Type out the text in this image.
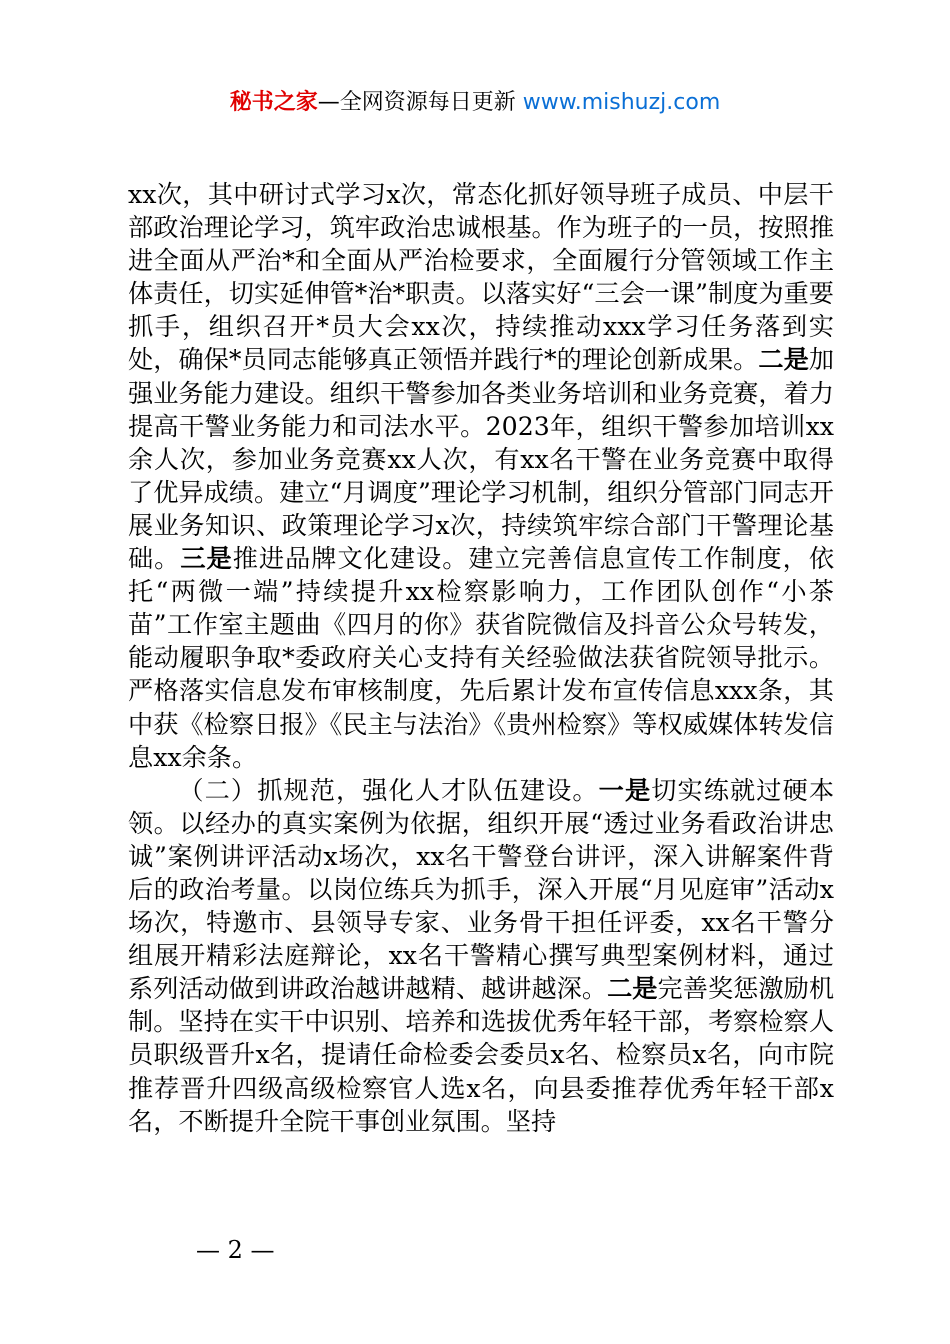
秘书之家—全网资源每日更新 www.mishuzj.com

xx次，其中研讨式学习x次，常态化抓好领导班子成员、中层干部政治理论学习，筑牢政治忠诚根基。作为班子的一员，按照推进全面从严治*和全面从严治检要求，全面履行分管领域工作主体责任，切实延伸管*治*职责。以落实好“三会一课”制度为重要抓手，组织召开*员大会xx次，持续推动xxx学习任务落到实处，确保*员同志能够真正领悟并践行*的理论创新成果。二是加强业务能力建设。组织干警参加各类业务培训和业务竞赛，着力提高干警业务能力和司法水平。2023年，组织干警参加培训xx余人次，参加业务竞赛xx人次，有xx名干警在业务竞赛中取得了优异成绩。建立“月调度”理论学习机制，组织分管部门同志开展业务知识、政策理论学习x次，持续筑牢综合部门干警理论基础。三是推进品牌文化建设。建立完善信息宣传工作制度，依托“两微一端”持续提升xx检察影响力，工作团队创作“小茶苗”工作室主题曲《四月的你》获省院微信及抖音公众号转发，能动履职争取*委政府关心支持有关经验做法获省院领导批示。严格落实信息发布审核制度，先后累计发布宣传信息xxx条，其中获《检察日报》《民主与法治》《贵州检察》等权威媒体转发信息xx余条。

（二）抓规范，强化人才队伍建设。一是切实练就过硬本领。以经办的真实案例为依据，组织开展“透过业务看政治讲忠诚”案例讲评活动x场次，xx名干警登台讲评，深入讲解案件背后的政治考量。以岗位练兵为抓手，深入开展“月见庭审”活动x场次，特邀市、县领导专家、业务骨干担任评委，xx名干警分组展开精彩法庭辩论，xx名干警精心撰写典型案例材料，通过系列活动做到讲政治越讲越精、越讲越深。二是完善奖惩激励机制。坚持在实干中识别、培养和选拔优秀年轻干部，考察检察人员职级晋升x名，提请任命检委会委员x名、检察员x名，向市院推荐晋升四级高级检察官人选x名，向县委推荐优秀年轻干部x名，不断提升全院干事创业氛围。坚持

— 2 —
